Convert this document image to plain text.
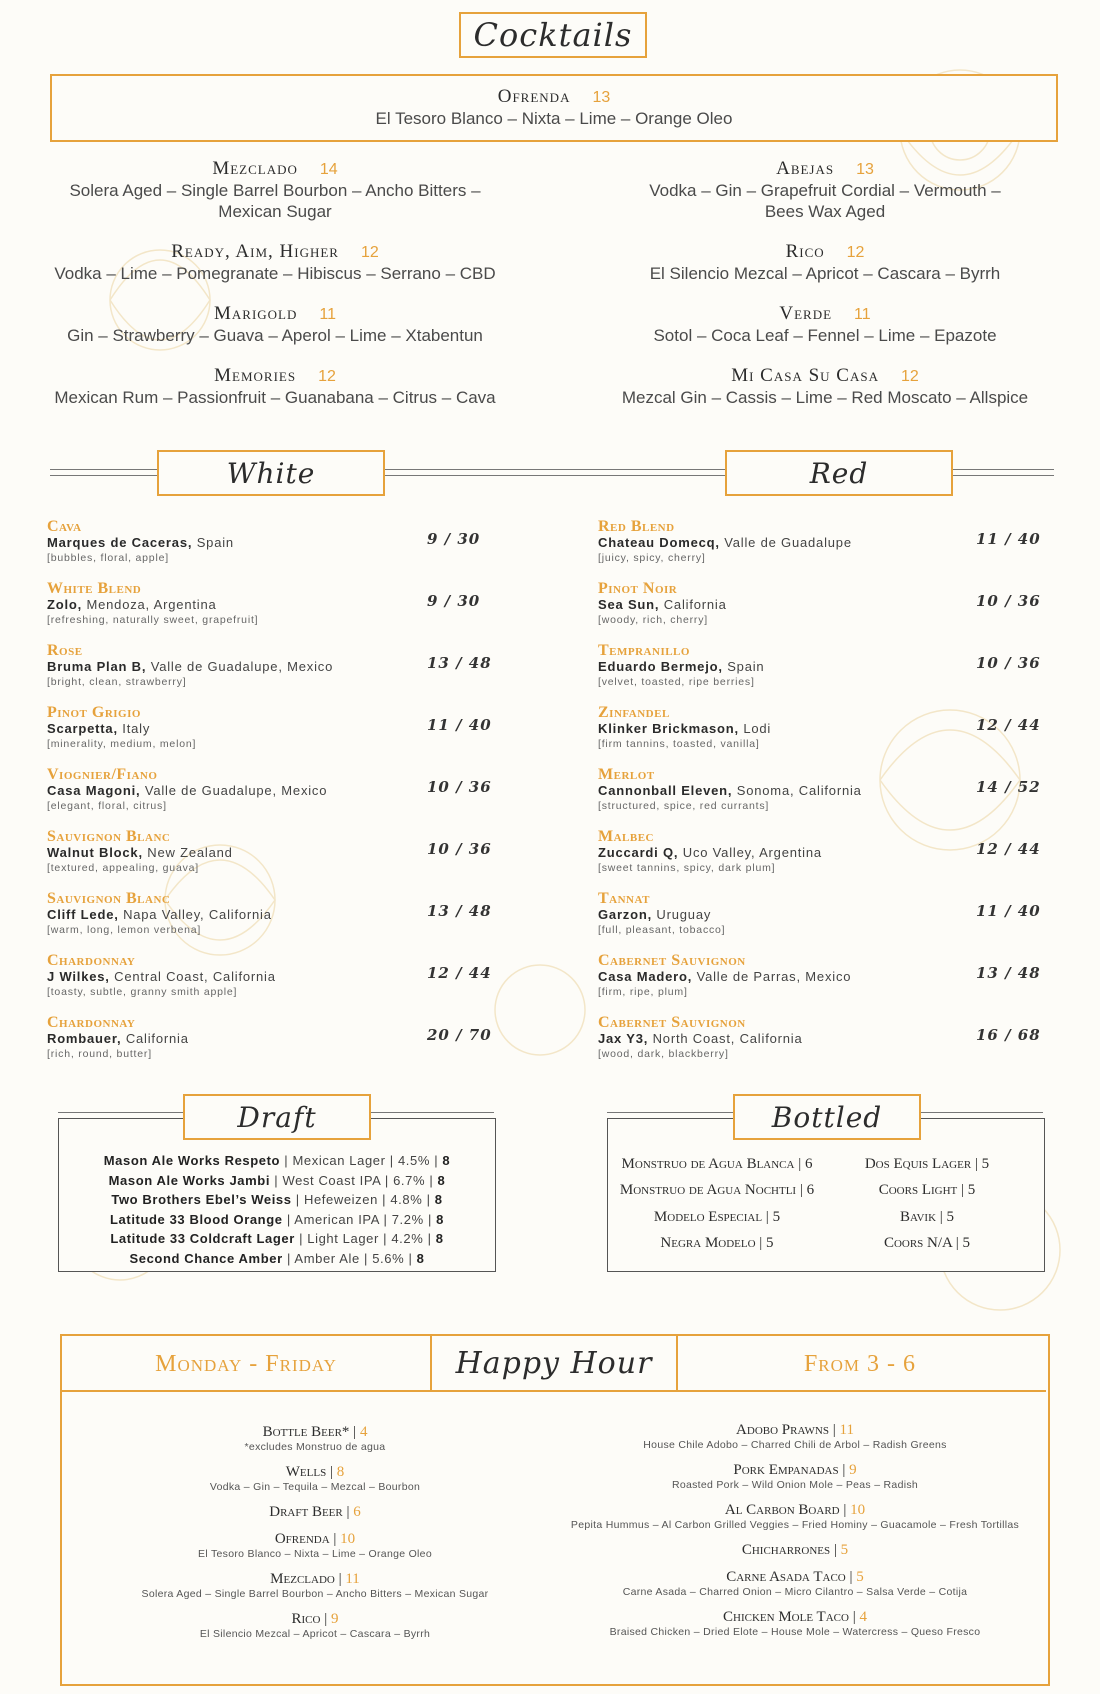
Cocktails
Ofrenda 13
El Tesoro Blanco – Nixta – Lime – Orange Oleo
Mezclado 14
Solera Aged – Single Barrel Bourbon – Ancho Bitters –
Mexican Sugar
Ready, Aim, Higher 12
Vodka – Lime – Pomegranate – Hibiscus – Serrano – CBD
Marigold 11
Gin – Strawberry – Guava – Aperol – Lime – Xtabentun
Memories 12
Mexican Rum – Passionfruit – Guanabana – Citrus – Cava
Abejas 13
Vodka – Gin – Grapefruit Cordial – Vermouth –
Bees Wax Aged
Rico 12
El Silencio Mezcal – Apricot – Cascara – Byrrh
Verde 11
Sotol – Coca Leaf – Fennel – Lime – Epazote
Mi Casa Su Casa 12
Mezcal Gin – Cassis – Lime – Red Moscato – Allspice
White	Red
Cava
Marques de Caceras, Spain
[bubbles, floral, apple]
9 / 30
White Blend
Zolo, Mendoza, Argentina
[refreshing, naturally sweet, grapefruit]
9 / 30
Rose
Bruma Plan B, Valle de Guadalupe, Mexico
[bright, clean, strawberry]
13 / 48
Pinot Grigio
Scarpetta, Italy
[minerality, medium, melon]
11 / 40
Viognier/Fiano
Casa Magoni, Valle de Guadalupe, Mexico
[elegant, floral, citrus]
10 / 36
Sauvignon Blanc
Walnut Block, New Zealand
[textured, appealing, guava]
10 / 36
Sauvignon Blanc
Cliff Lede, Napa Valley, California
[warm, long, lemon verbena]
13 / 48
Chardonnay
J Wilkes, Central Coast, California
[toasty, subtle, granny smith apple]
12 / 44
Chardonnay
Rombauer, California
[rich, round, butter]
20 / 70
Red Blend
Chateau Domecq, Valle de Guadalupe
[juicy, spicy, cherry]
11 / 40
Pinot Noir
Sea Sun, California
[woody, rich, cherry]
10 / 36
Tempranillo
Eduardo Bermejo, Spain
[velvet, toasted, ripe berries]
10 / 36
Zinfandel
Klinker Brickmason, Lodi
[firm tannins, toasted, vanilla]
12 / 44
Merlot
Cannonball Eleven, Sonoma, California
[structured, spice, red currants]
14 / 52
Malbec
Zuccardi Q, Uco Valley, Argentina
[sweet tannins, spicy, dark plum]
12 / 44
Tannat
Garzon, Uruguay
[full, pleasant, tobacco]
11 / 40
Cabernet Sauvignon
Casa Madero, Valle de Parras, Mexico
[firm, ripe, plum]
13 / 48
Cabernet Sauvignon
Jax Y3, North Coast, California
[wood, dark, blackberry]
16 / 68
Mason Ale Works Respeto | Mexican Lager | 4.5% | 8
Mason Ale Works Jambi | West Coast IPA | 6.7% | 8
Two Brothers Ebel’s Weiss | Hefeweizen | 4.8% | 8
Latitude 33 Blood Orange | American IPA | 7.2% | 8
Latitude 33 Coldcraft Lager | Light Lager | 4.2% | 8
Second Chance Amber | Amber Ale | 5.6% | 8
Draft
Monstruo de Agua Blanca | 6
Monstruo de Agua Nochtli | 6
Modelo Especial | 5
Negra Modelo | 5
Dos Equis Lager | 5
Coors Light | 5
Bavik | 5
Coors N/A | 5
Bottled
Monday - Friday	Happy Hour	From 3 - 6
Bottle Beer* | 4
*excludes Monstruo de agua
Wells | 8
Vodka – Gin – Tequila – Mezcal – Bourbon
Draft Beer | 6
Ofrenda | 10
El Tesoro Blanco – Nixta – Lime – Orange Oleo
Mezclado | 11
Solera Aged – Single Barrel Bourbon – Ancho Bitters – Mexican Sugar
Rico | 9
El Silencio Mezcal – Apricot – Cascara – Byrrh
Adobo Prawns | 11
House Chile Adobo – Charred Chili de Arbol – Radish Greens
Pork Empanadas | 9
Roasted Pork – Wild Onion Mole – Peas – Radish
Al Carbon Board | 10
Pepita Hummus – Al Carbon Grilled Veggies – Fried Hominy – Guacamole – Fresh Tortillas
Chicharrones | 5
Carne Asada Taco | 5
Carne Asada – Charred Onion – Micro Cilantro – Salsa Verde – Cotija
Chicken Mole Taco | 4
Braised Chicken – Dried Elote – House Mole – Watercress – Queso Fresco
